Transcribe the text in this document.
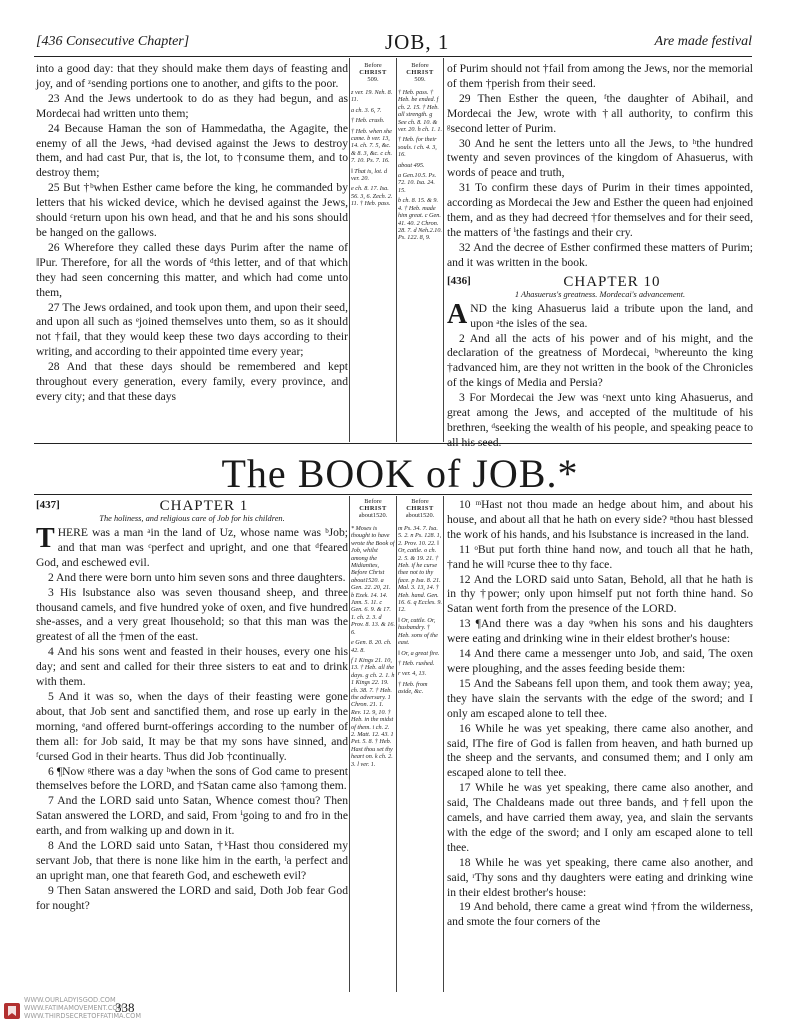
[436 Consecutive Chapter]	JOB, 1	Are made festival

into a good day: that they should make them days of feasting and joy, and of ᶻsending portions one to another, and gifts to the poor.

23 And the Jews undertook to do as they had begun, and as Mordecai had written unto them;

24 Because Haman the son of Hammedatha, the Agagite, the enemy of all the Jews, ᵃhad devised against the Jews to destroy them, and had cast Pur, that is, the lot, to †consume them, and to destroy them;

25 But †ᵇwhen Esther came before the king, he commanded by letters that his wicked device, which he devised against the Jews, should ᶜreturn upon his own head, and that he and his sons should be hanged on the gallows.

26 Wherefore they called these days Purim after the name of ‖Pur. Therefore, for all the words of ᵈthis letter, and of that which they had seen concerning this matter, and which had come unto them,

27 The Jews ordained, and took upon them, and upon their seed, and upon all such as ᵉjoined themselves unto them, so as it should not †fail, that they would keep these two days according to their writing, and according to their appointed time every year;

28 And that these days should be remembered and kept throughout every generation, every family, every province, and every city; and that these days

Before
CHRIST
509.
z ver. 19. Neh. 8. 11.
a ch. 3. 6, 7.
† Heb. crush.
† Heb. when she came. b ver. 13, 14. ch. 7. 5, &c. & 8. 3, &c. c ch. 7. 10. Ps. 7. 16.
‖ That is, lot. d ver. 20.
e ch. 8. 17. Isa. 56. 3, 6. Zech. 2. 11. † Heb. pass.
Before
CHRIST
509.
† Heb. pass. † Heb. be ended. f ch. 2. 15. † Heb. all strength. g See ch. 8. 10. & ver. 20. h ch. 1. 1.
† Heb. for their souls. i ch. 4. 3, 16.
about 495.
a Gen.10.5. Ps. 72. 10. Isa. 24. 15.
b ch. 8. 15. & 9. 4. † Heb. made him great. c Gen. 41. 40. 2 Chron. 28. 7. d Neh.2.10. Ps. 122. 8, 9.

of Purim should not †fail from among the Jews, nor the memorial of them †perish from their seed.

29 Then Esther the queen, ᶠthe daughter of Abihail, and Mordecai the Jew, wrote with †all authority, to confirm this ᵍsecond letter of Purim.

30 And he sent the letters unto all the Jews, to ʰthe hundred twenty and seven provinces of the kingdom of Ahasuerus, with words of peace and truth,

31 To confirm these days of Purim in their times appointed, according as Mordecai the Jew and Esther the queen had enjoined them, and as they had decreed †for themselves and for their seed, the matters of ⁱthe fastings and their cry.

32 And the decree of Esther confirmed these matters of Purim; and it was written in the book.

[436]	CHAPTER 10
1 Ahasuerus's greatness. Mordecai's advancement.
A ND the king Ahasuerus laid a tribute upon the land, and upon ᵃthe isles of the sea.

2 And all the acts of his power and of his might, and the declaration of the greatness of Mordecai, ᵇwhereunto the king †advanced him, are they not written in the book of the Chronicles of the kings of Media and Persia?

3 For Mordecai the Jew was ᶜnext unto king Ahasuerus, and great among the Jews, and accepted of the multitude of his brethren, ᵈseeking the wealth of his people, and speaking peace to all his seed.

The BOOK of JOB.*
[437]	CHAPTER 1
The holiness, and religious care of Job for his children.
T HERE was a man ᵃin the land of Uz, whose name was ᵇJob; and that man was ᶜperfect and upright, and one that ᵈfeared God, and eschewed evil.

2 And there were born unto him seven sons and three daughters.

3 His ‖substance also was seven thousand sheep, and three thousand camels, and five hundred yoke of oxen, and five hundred she-asses, and a very great ‖household; so that this man was the greatest of all the †men of the east.

4 And his sons went and feasted in their houses, every one his day; and sent and called for their three sisters to eat and to drink with them.

5 And it was so, when the days of their feasting were gone about, that Job sent and sanctified them, and rose up early in the morning, ᵉand offered burnt-offerings according to the number of them all: for Job said, It may be that my sons have sinned, and ᶠcursed God in their hearts. Thus did Job †continually.

6 ¶Now ᵍthere was a day ʰwhen the sons of God came to present themselves before the LORD, and †Satan came also †among them.

7 And the LORD said unto Satan, Whence comest thou? Then Satan answered the LORD, and said, From ⁱgoing to and fro in the earth, and from walking up and down in it.

8 And the LORD said unto Satan, †ᵏHast thou considered my servant Job, that there is none like him in the earth, ˡa perfect and an upright man, one that feareth God, and escheweth evil?

9 Then Satan answered the LORD and said, Doth Job fear God for nought?

Before
CHRIST
about1520.
* Moses is thought to have wrote the Book of Job, whilst among the Midianites, Before Christ about1520. a Gen. 22. 20, 21. b Ezek. 14. 14. Jam. 5. 11. c Gen. 6. 9. & 17. 1. ch. 2. 3. d Prov. 8. 13. & 16. 6.
e Gen. 8. 20. ch. 42. 8.
f 1 Kings 21. 10, 13. † Heb. all the days. g ch. 2. 1. h 1 Kings 22. 19. ch. 38. 7. † Heb. the adversary. 1 Chron. 21. 1. Rev. 12. 9, 10. † Heb. in the midst of them. i ch. 2. 2. Matt. 12. 43. 1 Pet. 5. 8. † Heb. Hast thou set thy heart on. k ch. 2. 3. l ver. 1.
Before
CHRIST
about1520.
m Ps. 34. 7. Isa. 5. 2. n Ps. 128. 1, 2. Prov. 10. 22. ‖ Or, cattle. o ch. 2. 5. & 19. 21. † Heb. if he curse thee not to thy face. p Isa. 8. 21. Mal. 3. 13, 14. † Heb. hand. Gen. 16. 6. q Eccles. 9. 12.
‖ Or, cattle. Or, husbandry. † Heb. sons of the east.
‖ Or, a great fire.
† Heb. rushed.
r ver. 4, 13.
† Heb. from aside, &c.

10 ᵐHast not thou made an hedge about him, and about his house, and about all that he hath on every side? ⁿthou hast blessed the work of his hands, and his ‖substance is increased in the land.

11 ᵒBut put forth thine hand now, and touch all that he hath, †and he will ᵖcurse thee to thy face.

12 And the LORD said unto Satan, Behold, all that he hath is in thy †power; only upon himself put not forth thine hand. So Satan went forth from the presence of the LORD.

13 ¶And there was a day ᵠwhen his sons and his daughters were eating and drinking wine in their eldest brother's house:

14 And there came a messenger unto Job, and said, The oxen were ploughing, and the asses feeding beside them:

15 And the Sabeans fell upon them, and took them away; yea, they have slain the servants with the edge of the sword; and I only am escaped alone to tell thee.

16 While he was yet speaking, there came also another, and said, ‖The fire of God is fallen from heaven, and hath burned up the sheep and the servants, and consumed them; and I only am escaped alone to tell thee.

17 While he was yet speaking, there came also another, and said, The Chaldeans made out three bands, and †fell upon the camels, and have carried them away, yea, and slain the servants with the edge of the sword; and I only am escaped alone to tell thee.

18 While he was yet speaking, there came also another, and said, ʳThy sons and thy daughters were eating and drinking wine in their eldest brother's house:

19 And behold, there came a great wind †from the wilderness, and smote the four corners of the

WWW.OURLADYISGOD.COM
WWW.FATIMAMOVEMENT.COM
WWW.THIRDSECRETOFFATIMA.COM
338
